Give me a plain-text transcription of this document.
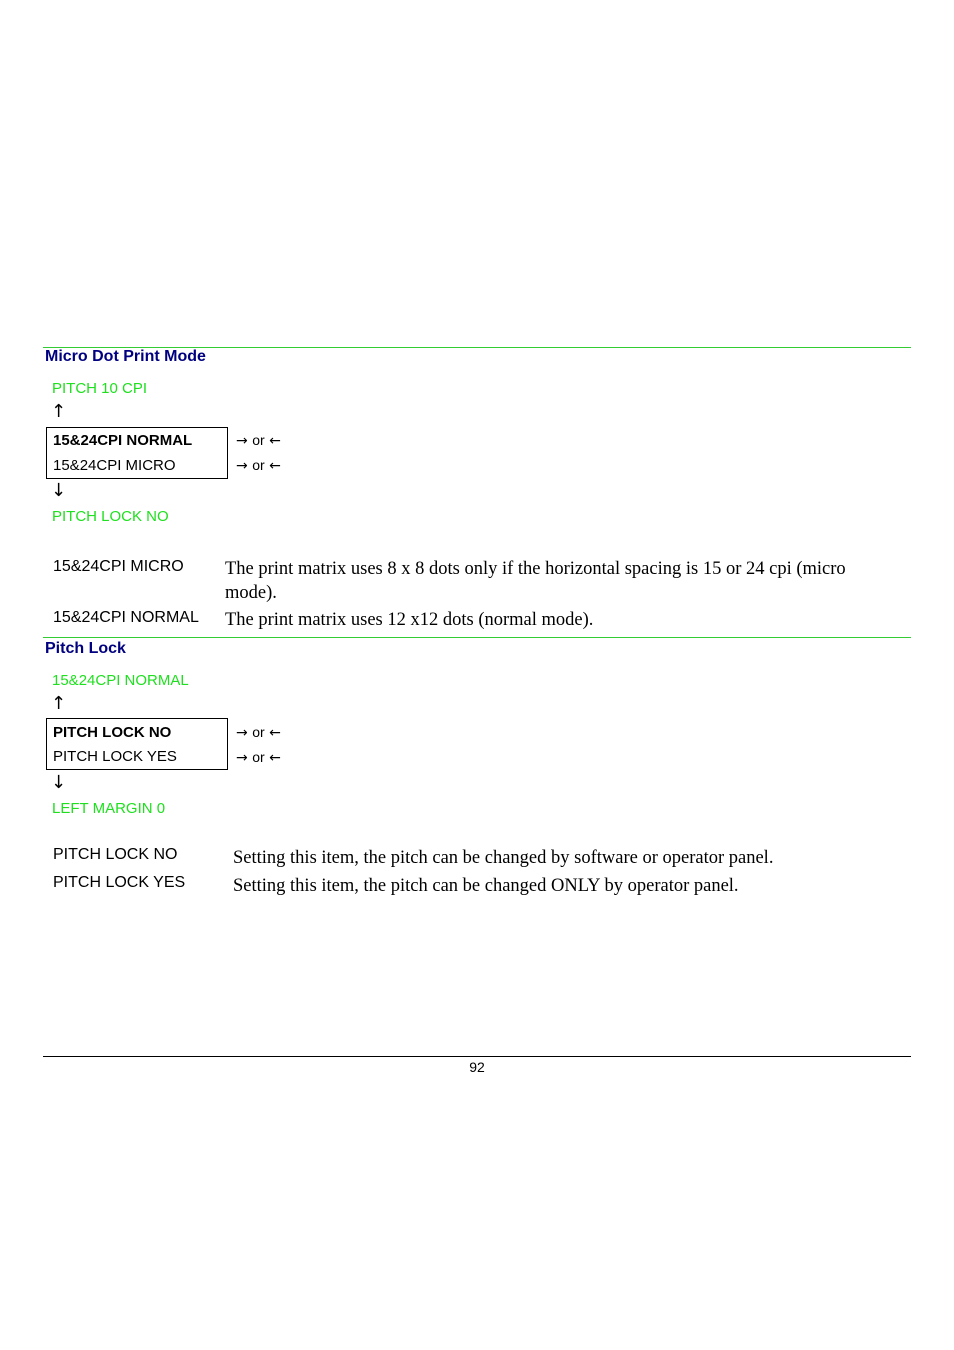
Micro Dot Print Mode
PITCH 10 CPI
↑
15&24CPI NORMAL
15&24CPI MICRO
→ or ←
→ or ←
↓
PITCH LOCK NO
15&24CPI MICRO The print matrix uses 8 x 8 dots only if the horizontal spacing is 15 or 24 cpi (micro mode).
15&24CPI NORMAL The print matrix uses 12 x12 dots (normal mode).
Pitch Lock
15&24CPI NORMAL
↑
PITCH LOCK NO
PITCH LOCK YES
→ or ←
→ or ←
↓
LEFT MARGIN 0
PITCH LOCK NO	Setting this item, the pitch can be changed by software or operator panel.
PITCH LOCK YES	Setting this item, the pitch can be changed ONLY by operator panel.
92
